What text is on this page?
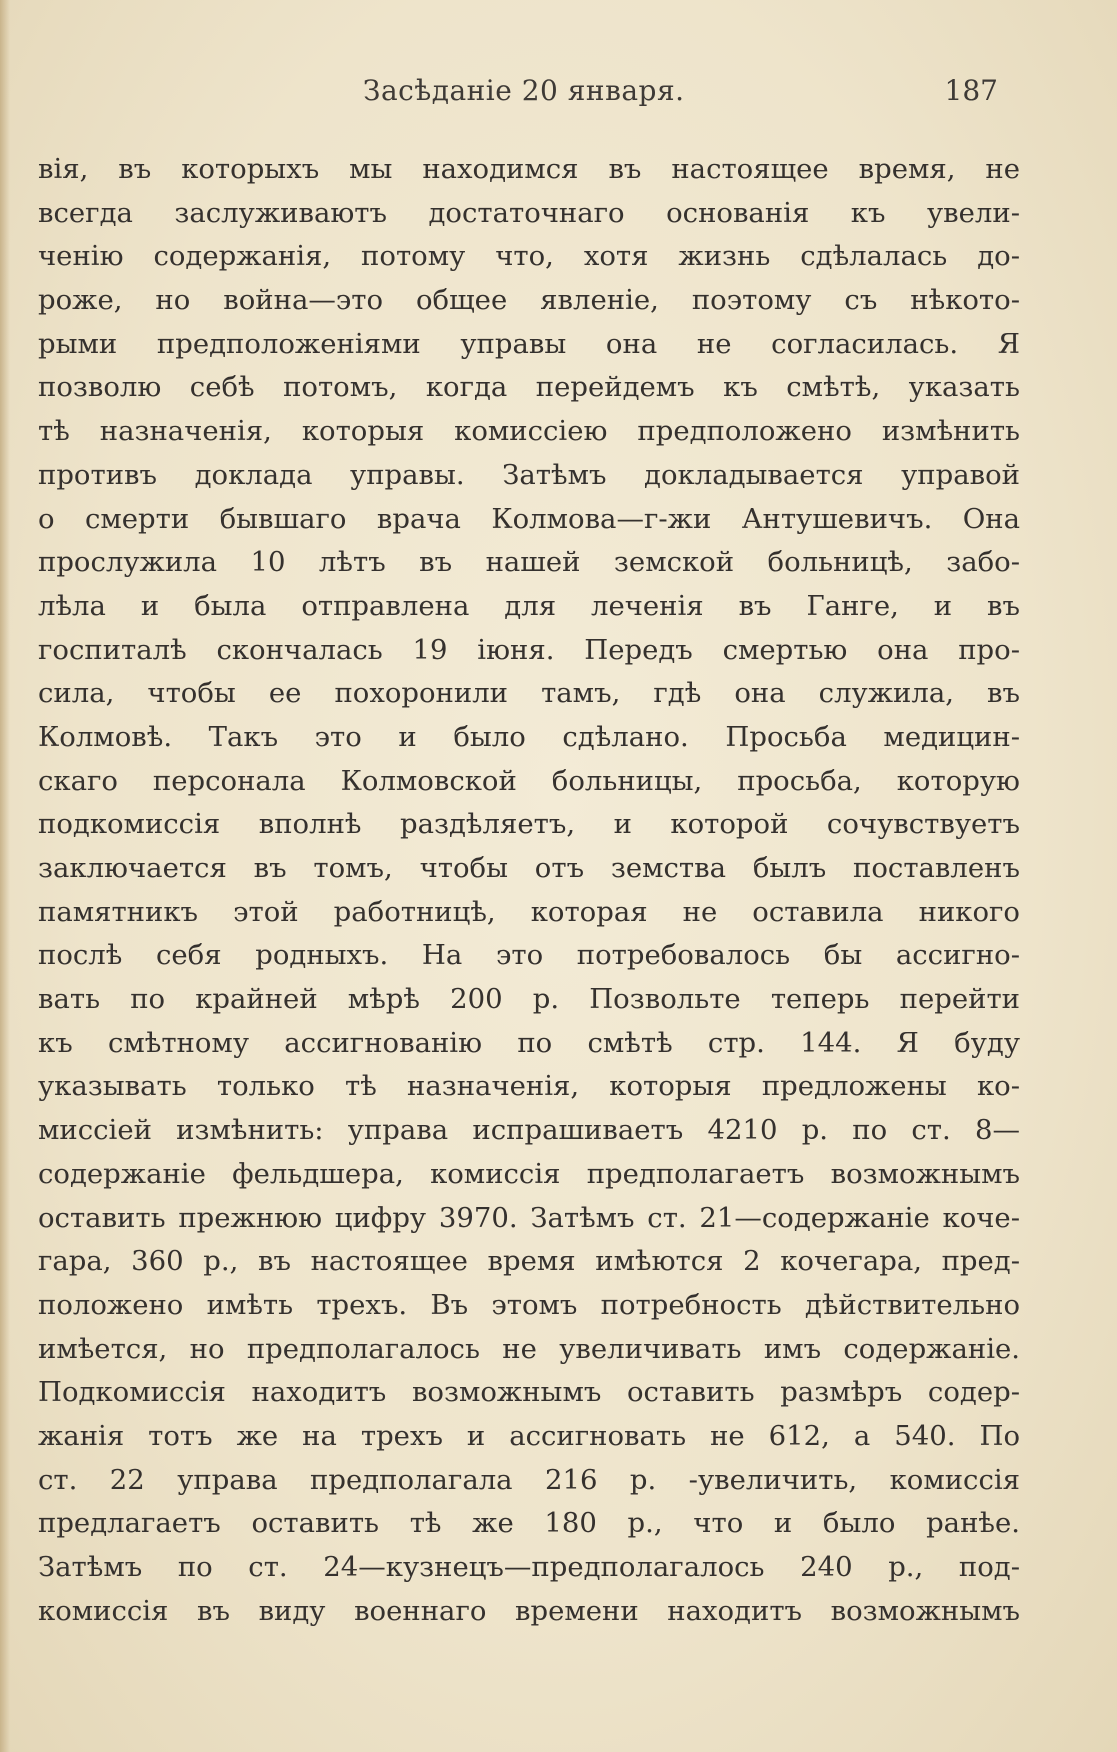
Засѣданіе 20 января.	187
вія, въ которыхъ мы находимся въ настоящее время, не
всегда заслуживаютъ достаточнаго основанія къ увели-
ченію содержанія, потому что, хотя жизнь сдѣлалась до-
роже, но война—это общее явленіе, поэтому съ нѣкото-
рыми предположеніями управы она не согласилась. Я
позволю себѣ потомъ, когда перейдемъ къ смѣтѣ, указать
тѣ назначенія, которыя комиссіею предположено измѣнить
противъ доклада управы. Затѣмъ докладывается управой
о смерти бывшаго врача Колмова—г-жи Антушевичъ. Она
прослужила 10 лѣтъ въ нашей земской больницѣ, забо-
лѣла и была отправлена для леченія въ Ганге, и въ
госпиталѣ скончалась 19 іюня. Передъ смертью она про-
сила, чтобы ее похоронили тамъ, гдѣ она служила, въ
Колмовѣ. Такъ это и было сдѣлано. Просьба медицин-
скаго персонала Колмовской больницы, просьба, которую
подкомиссія вполнѣ раздѣляетъ, и которой сочувствуетъ
заключается въ томъ, чтобы отъ земства былъ поставленъ
памятникъ этой работницѣ, которая не оставила никого
послѣ себя родныхъ. На это потребовалось бы ассигно-
вать по крайней мѣрѣ 200 р. Позвольте теперь перейти
къ смѣтному ассигнованію по смѣтѣ стр. 144. Я буду
указывать только тѣ назначенія, которыя предложены ко-
миссіей измѣнить: управа испрашиваетъ 4210 р. по ст. 8—
содержаніе фельдшера, комиссія предполагаетъ возможнымъ
оставить прежнюю цифру 3970. Затѣмъ ст. 21—содержаніе коче-
гара, 360 р., въ настоящее время имѣются 2 кочегара, пред-
положено имѣть трехъ. Въ этомъ потребность дѣйствительно
имѣется, но предполагалось не увеличивать имъ содержаніе.
Подкомиссія находитъ возможнымъ оставить размѣръ содер-
жанія тотъ же на трехъ и ассигновать не 612, а 540. По
ст. 22 управа предполагала 216 р. -увеличить, комиссія
предлагаетъ оставить тѣ же 180 р., что и было ранѣе.
Затѣмъ по ст. 24—кузнецъ—предполагалось 240 р., под-
комиссія въ виду военнаго времени находитъ возможнымъ
